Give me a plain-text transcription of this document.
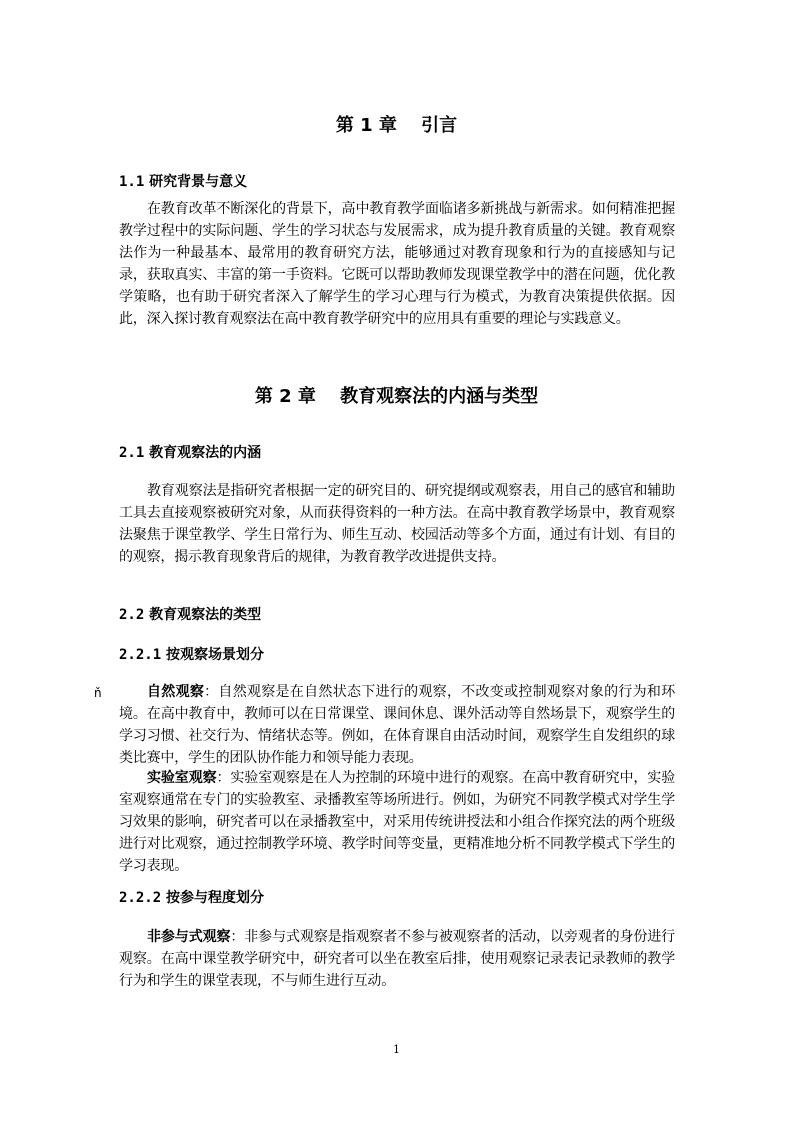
第 1 章　 引言
1.1 研究背景与意义

在教育改革不断深化的背景下，高中教育教学面临诸多新挑战与新需求。如何精准把握教学过程中的实际问题、学生的学习状态与发展需求，成为提升教育质量的关键。教育观察法作为一种最基本、最常用的教育研究方法，能够通过对教育现象和行为的直接感知与记录，获取真实、丰富的第一手资料。它既可以帮助教师发现课堂教学中的潜在问题，优化教学策略，也有助于研究者深入了解学生的学习心理与行为模式，为教育决策提供依据。因此，深入探讨教育观察法在高中教育教学研究中的应用具有重要的理论与实践意义。

第 2 章　 教育观察法的内涵与类型
2.1 教育观察法的内涵

教育观察法是指研究者根据一定的研究目的、研究提纲或观察表，用自己的感官和辅助工具去直接观察被研究对象，从而获得资料的一种方法。在高中教育教学场景中，教育观察法聚焦于课堂教学、学生日常行为、师生互动、校园活动等多个方面，通过有计划、有目的的观察，揭示教育现象背后的规律，为教育教学改进提供支持。

2.2 教育观察法的类型
2.2.1 按观察场景划分
ň	自然观察：自然观察是在自然状态下进行的观察，不改变或控制观察对象的行为和环境。在高中教育中，教师可以在日常课堂、课间休息、课外活动等自然场景下，观察学生的学习习惯、社交行为、情绪状态等。例如，在体育课自由活动时间，观察学生自发组织的球类比赛中，学生的团队协作能力和领导能力表现。

实验室观察：实验室观察是在人为控制的环境中进行的观察。在高中教育研究中，实验室观察通常在专门的实验教室、录播教室等场所进行。例如，为研究不同教学模式对学生学习效果的影响，研究者可以在录播教室中，对采用传统讲授法和小组合作探究法的两个班级进行对比观察，通过控制教学环境、教学时间等变量，更精准地分析不同教学模式下学生的学习表现。

2.2.2 按参与程度划分

非参与式观察：非参与式观察是指观察者不参与被观察者的活动，以旁观者的身份进行观察。在高中课堂教学研究中，研究者可以坐在教室后排，使用观察记录表记录教师的教学行为和学生的课堂表现，不与师生进行互动。

1
